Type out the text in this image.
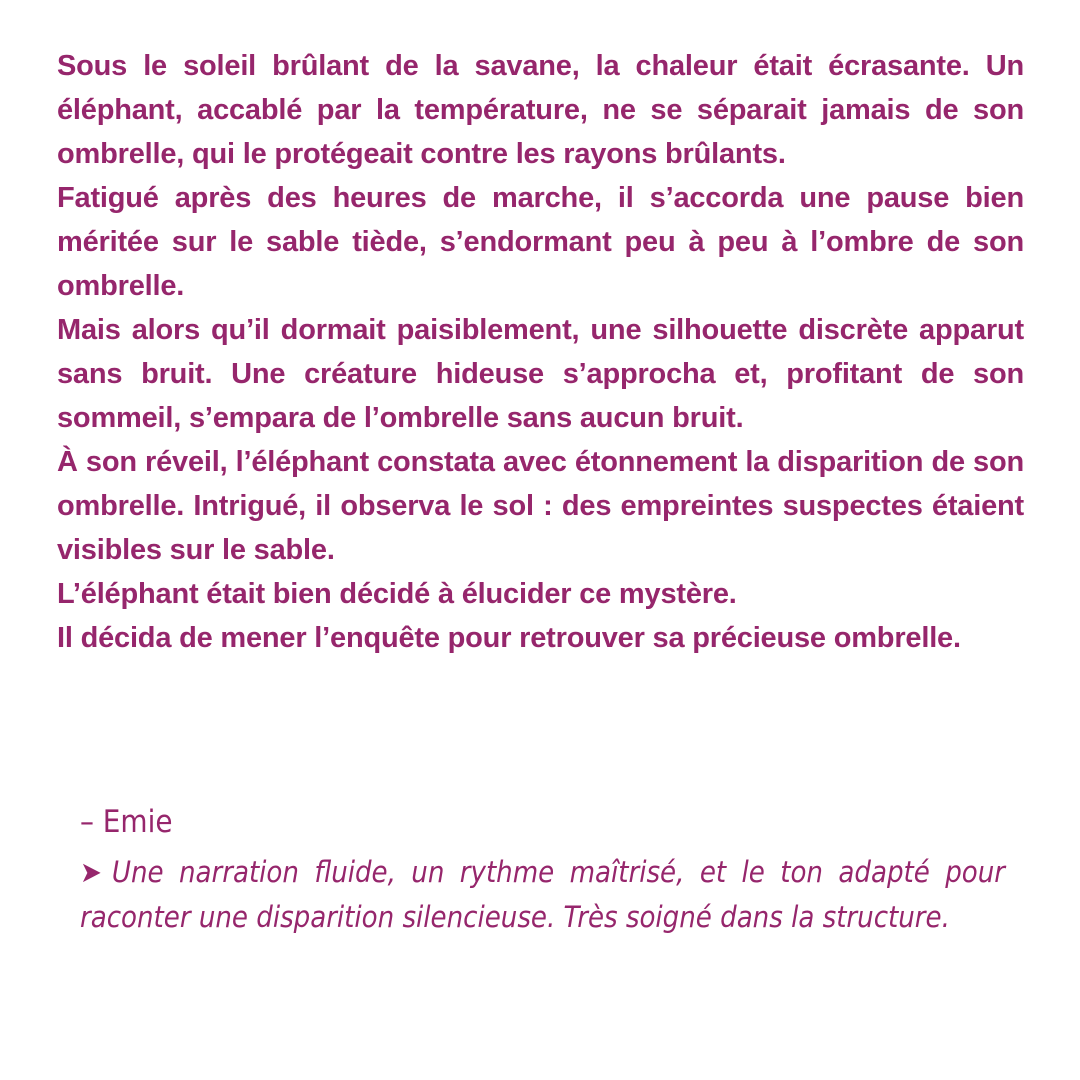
Sous le soleil brûlant de la savane, la chaleur était écrasante. Un éléphant, accablé par la température, ne se séparait jamais de son ombrelle, qui le protégeait contre les rayons brûlants.

Fatigué après des heures de marche, il s’accorda une pause bien méritée sur le sable tiède, s’endormant peu à peu à l’ombre de son ombrelle.

Mais alors qu’il dormait paisiblement, une silhouette discrète apparut sans bruit. Une créature hideuse s’approcha et, profitant de son sommeil, s’empara de l’ombrelle sans aucun bruit.

À son réveil, l’éléphant constata avec étonnement la disparition de son ombrelle. Intrigué, il observa le sol : des empreintes suspectes étaient visibles sur le sable.

L’éléphant était bien décidé à élucider ce mystère.

Il décida de mener l’enquête pour retrouver sa précieuse ombrelle.

– Emie

➤ Une narration fluide, un rythme maîtrisé, et le ton adapté pour raconter une disparition silencieuse. Très soigné dans la structure.
